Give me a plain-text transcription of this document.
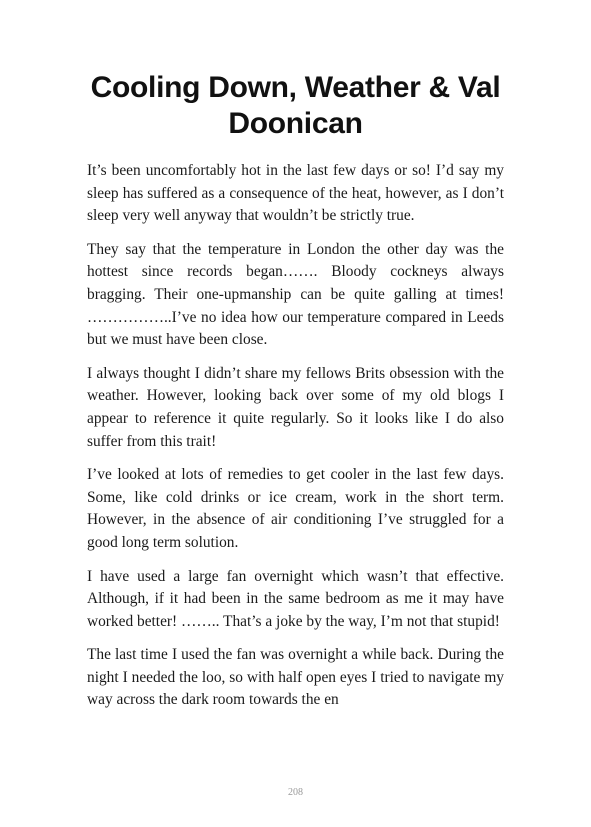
Cooling Down, Weather & Val Doonican

It’s been uncomfortably hot in the last few days or so! I’d say my sleep has suffered as a consequence of the heat, however, as I don’t sleep very well anyway that wouldn’t be strictly true.

They say that the temperature in London the other day was the hottest since records began……. Bloody cockneys always bragging. Their one-upmanship can be quite galling at times! ……………..I’ve no idea how our temperature compared in Leeds but we must have been close.

I always thought I didn’t share my fellows Brits obsession with the weather. However, looking back over some of my old blogs I appear to reference it quite regularly. So it looks like I do also suffer from this trait!

I’ve looked at lots of remedies to get cooler in the last few days. Some, like cold drinks or ice cream, work in the short term. However, in the absence of air conditioning I’ve struggled for a good long term solution.

I have used a large fan overnight which wasn’t that effective. Although, if it had been in the same bedroom as me it may have worked better! …….. That’s a joke by the way, I’m not that stupid!

The last time I used the fan was overnight a while back. During the night I needed the loo, so with half open eyes I tried to navigate my way across the dark room towards the en

208
